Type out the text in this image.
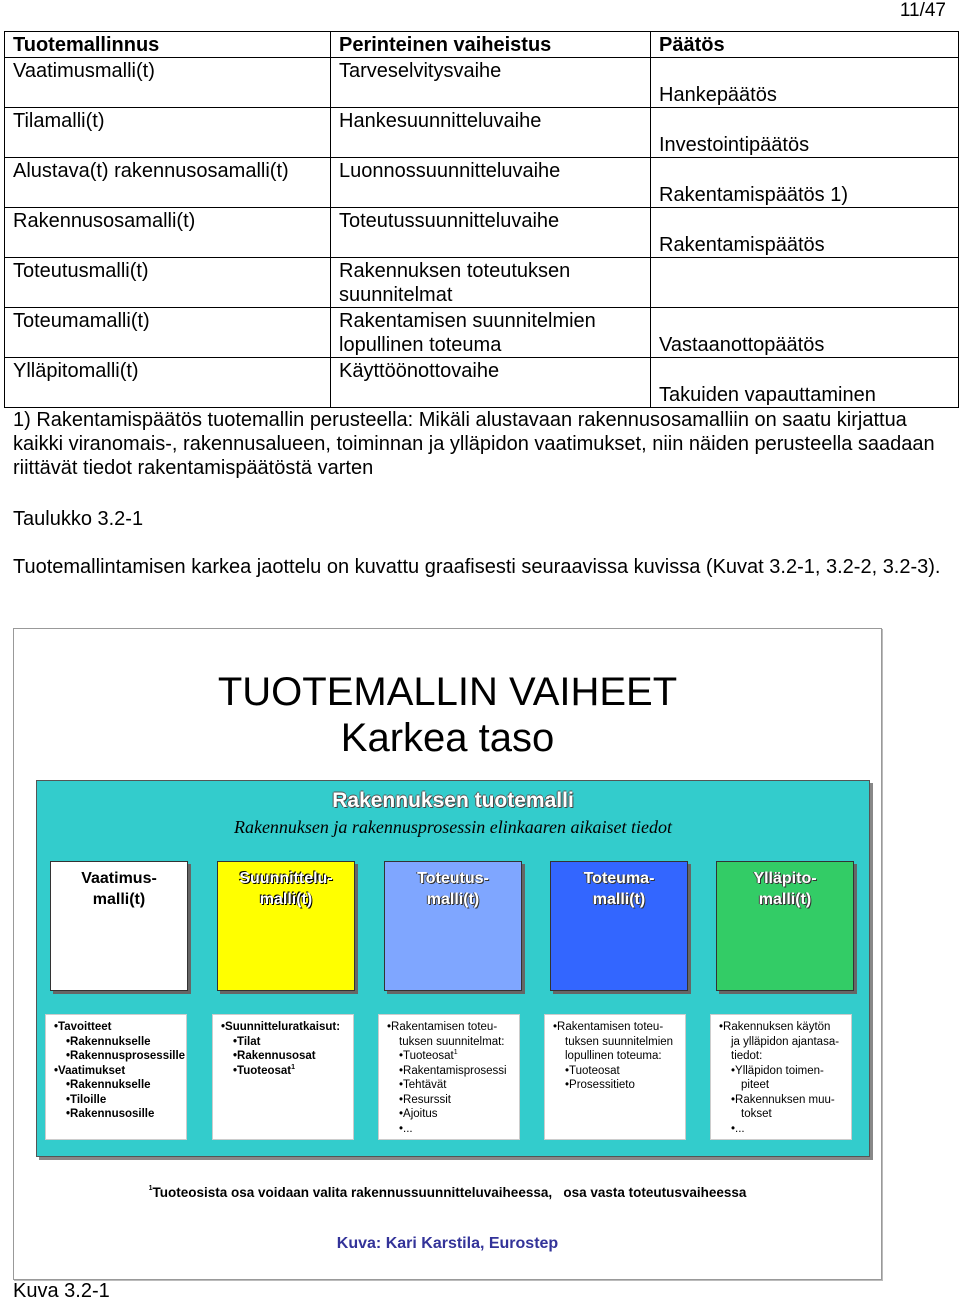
11/47
Tuotemallinnus	Perinteinen vaiheistus	Päätös
Vaatimusmalli(t)	Tarveselvitysvaihe	Hankepäätös
Tilamalli(t)	Hankesuunnitteluvaihe	Investointipäätös
Alustava(t) rakennusosamalli(t)	Luonnossuunnitteluvaihe	Rakentamispäätös 1)
Rakennusosamalli(t)	Toteutussuunnitteluvaihe	Rakentamispäätös
Toteutusmalli(t)	Rakennuksen toteutuksen suunnitelmat	
Toteumamalli(t)	Rakentamisen suunnitelmien lopullinen toteuma	Vastaanottopäätös
Ylläpitomalli(t)	Käyttöönottovaihe	Takuiden vapauttaminen
1) Rakentamispäätös tuotemallin perusteella: Mikäli alustavaan rakennusosamalliin on saatu kirjattua kaikki viranomais-, rakennusalueen, toiminnan ja ylläpidon vaatimukset, niin näiden perusteella saadaan riittävät tiedot rakentamispäätöstä varten
Taulukko 3.2-1
Tuotemallintamisen karkea jaottelu on kuvattu graafisesti seuraavissa kuvissa (Kuvat 3.2-1, 3.2-2, 3.2-3).
TUOTEMALLIN VAIHEET
Karkea taso
Rakennuksen tuotemalli
Rakennuksen ja rakennusprosessin elinkaaren aikaiset tiedot
Vaatimus-
malli(t)
Suunnittelu-
malli(t)
Toteutus-
malli(t)
Toteuma-
malli(t)
Ylläpito-
malli(t)
• Tavoitteet
• Rakennukselle
• Rakennusprosessille
• Vaatimukset
• Rakennukselle
• Tiloille
• Rakennusosille
• Suunnitteluratkaisut:
• Tilat
• Rakennusosat
• Tuoteosat$^1$
• Rakentamisen toteu-
tuksen suunnitelmat:
• Tuoteosat$^1$
• Rakentamisprosessi
• Tehtävät
• Resurssit
• Ajoitus
• ...
• Rakentamisen toteu-
tuksen suunnitelmien
lopullinen toteuma:
• Tuoteosat
• Prosessitieto
• Rakennuksen käytön
ja ylläpidon ajantasa-
tiedot:
• Ylläpidon toimen-
piteet
• Rakennuksen muu-
tokset
• ...
$^1$Tuoteosista osa voidaan valita rakennussuunnitteluvaiheessa,   osa vasta toteutusvaiheessa
Kuva: Kari Karstila, Eurostep
Kuva 3.2-1
